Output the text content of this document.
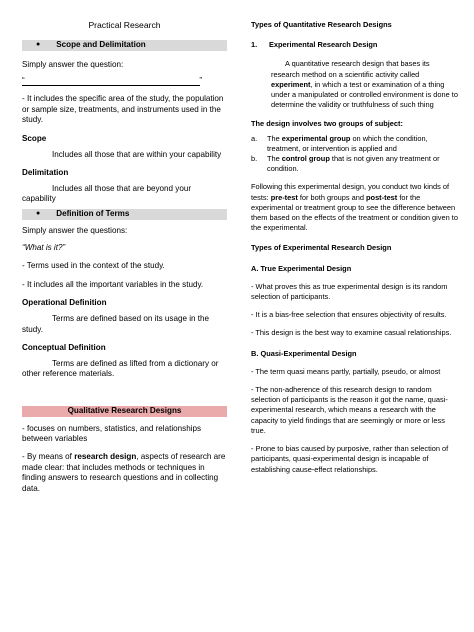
Practical Research
● Scope and Delimitation
Simply answer the question:
“	”
- It includes the specific area of the study, the population or sample size, treatments, and instruments used in the study.
Scope
Includes all those that are within your capability
Delimitation
Includes all those that are beyond your capability
● Definition of Terms
Simply answer the questions:
“What is it?”
- Terms used in the context of the study.
- It includes all the important variables in the study.
Operational Definition
Terms are defined based on its usage in the study.
Conceptual Definition
Terms are defined as lifted from a dictionary or other reference materials.
Qualitative Research Designs
- focuses on numbers, statistics, and relationships between variables
- By means of research design, aspects of research are made clear: that includes methods or techniques in finding answers to research questions and in collecting data.
Types of Quantitative Research Designs
1.	Experimental Research Design
A quantitative research design that bases its research method on a scientific activity called experiment, in which a test or examination of a thing under a manipulated or controlled environment is done to determine the validity or truthfulness of such thing
The design involves two groups of subject:
a.	The experimental group on which the condition, treatment, or intervention is applied and
b.	The control group that is not given any treatment or condition.
Following this experimental design, you conduct two kinds of tests: pre-test for both groups and post-test for the experimental or treatment group to see the difference between them based on the effects of the treatment or condition given to the experimental.
Types of Experimental Research Design
A. True Experimental Design
- What proves this as true experimental design is its random selection of participants.
- It is a bias-free selection that ensures objectivity of results.
- This design is the best way to examine casual relationships.
B. Quasi-Experimental Design
- The term quasi means partly, partially, pseudo, or almost
- The non-adherence of this research design to random selection of participants is the reason it got the name, quasi-experimental research, which means a research with the capacity to yield findings that are seemingly or more or less true.
- Prone to bias caused by purposive, rather than selection of participants, quasi-experimental design is incapable of establishing cause-effect relationships.
